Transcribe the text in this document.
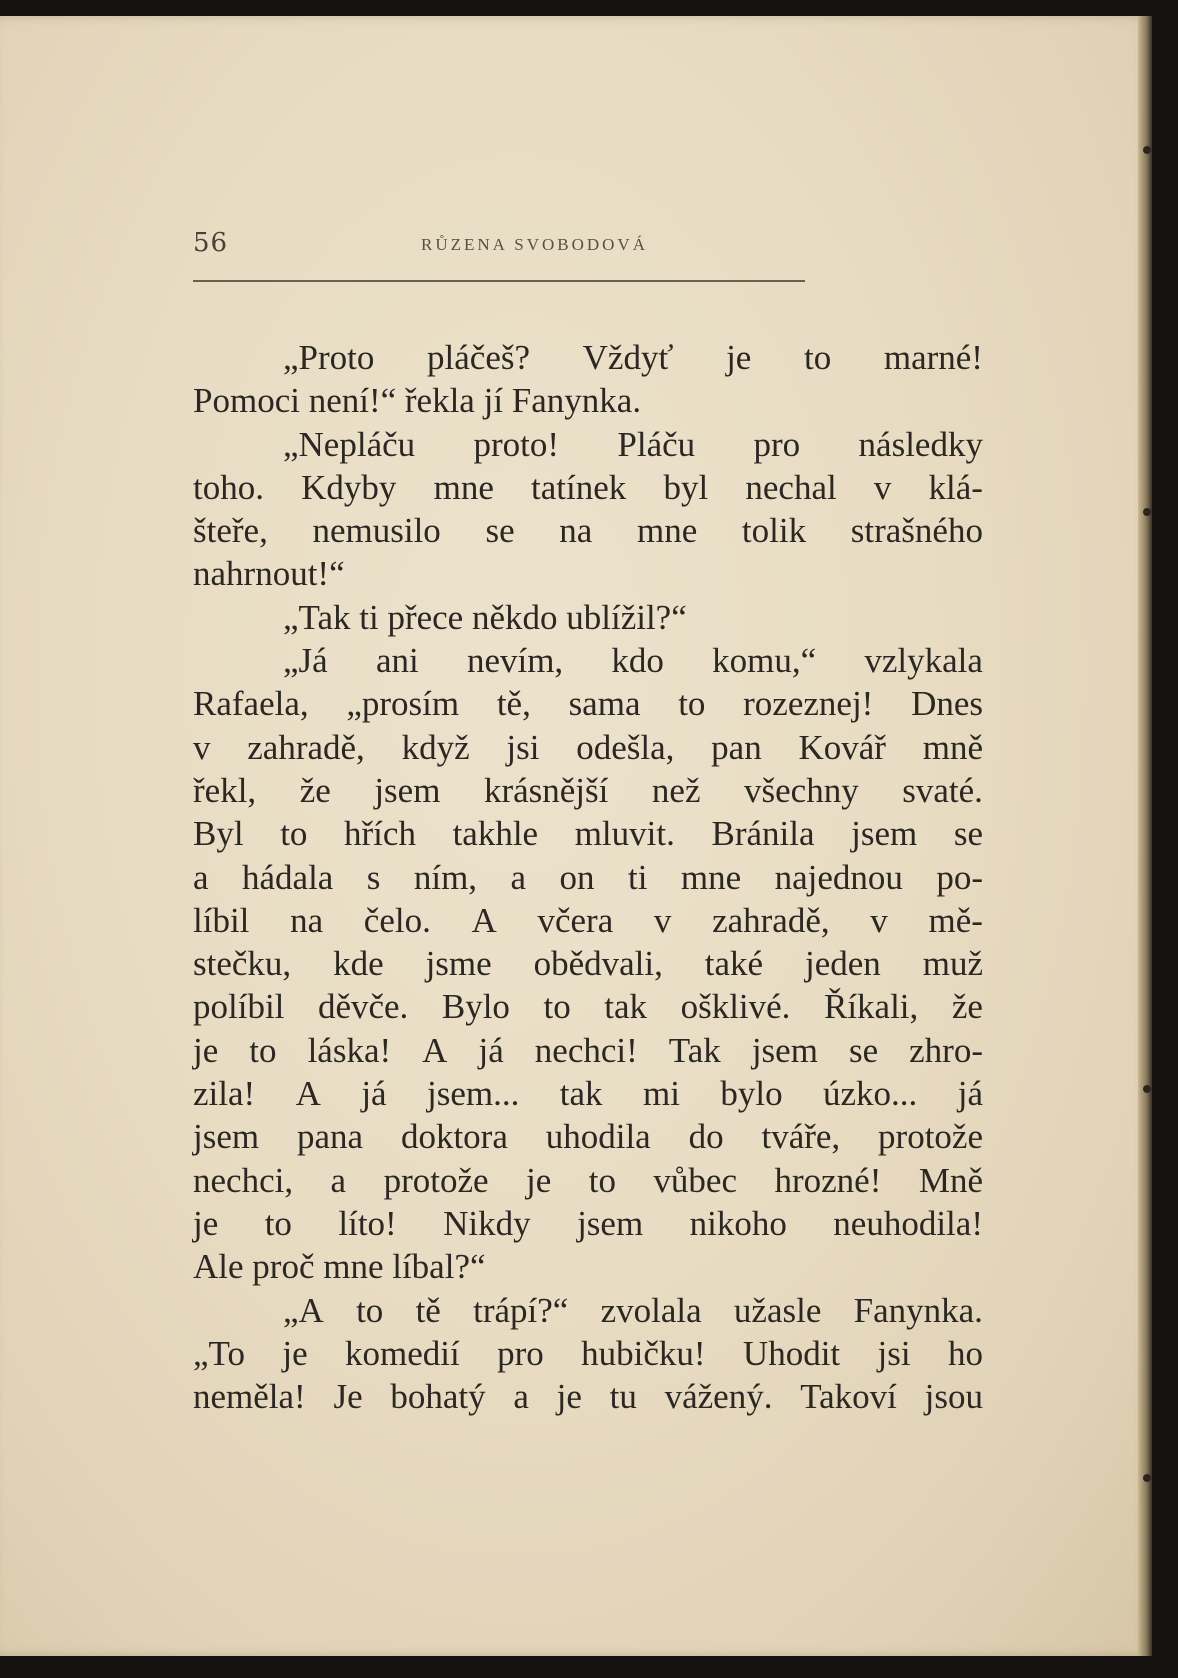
56	RŮZENA SVOBODOVÁ
„Proto pláčeš? Vždyť je to marné!
Pomoci není!“ řekla jí Fanynka.
„Nepláču proto! Pláču pro následky
toho. Kdyby mne tatínek byl nechal v klá-
šteře, nemusilo se na mne tolik strašného
nahrnout!“
„Tak ti přece někdo ublížil?“
„Já ani nevím, kdo komu,“ vzlykala
Rafaela, „prosím tě, sama to rozeznej! Dnes
v zahradě, když jsi odešla, pan Kovář mně
řekl, že jsem krásnější než všechny svaté.
Byl to hřích takhle mluvit. Bránila jsem se
a hádala s ním, a on ti mne najednou po-
líbil na čelo. A včera v zahradě, v mě-
stečku, kde jsme obědvali, také jeden muž
políbil děvče. Bylo to tak ošklivé. Říkali, že
je to láska! A já nechci! Tak jsem se zhro-
zila! A já jsem... tak mi bylo úzko... já
jsem pana doktora uhodila do tváře, protože
nechci, a protože je to vůbec hrozné! Mně
je to líto! Nikdy jsem nikoho neuhodila!
Ale proč mne líbal?“
„A to tě trápí?“ zvolala užasle Fanynka.
„To je komedií pro hubičku! Uhodit jsi ho
neměla! Je bohatý a je tu vážený. Takoví jsou
